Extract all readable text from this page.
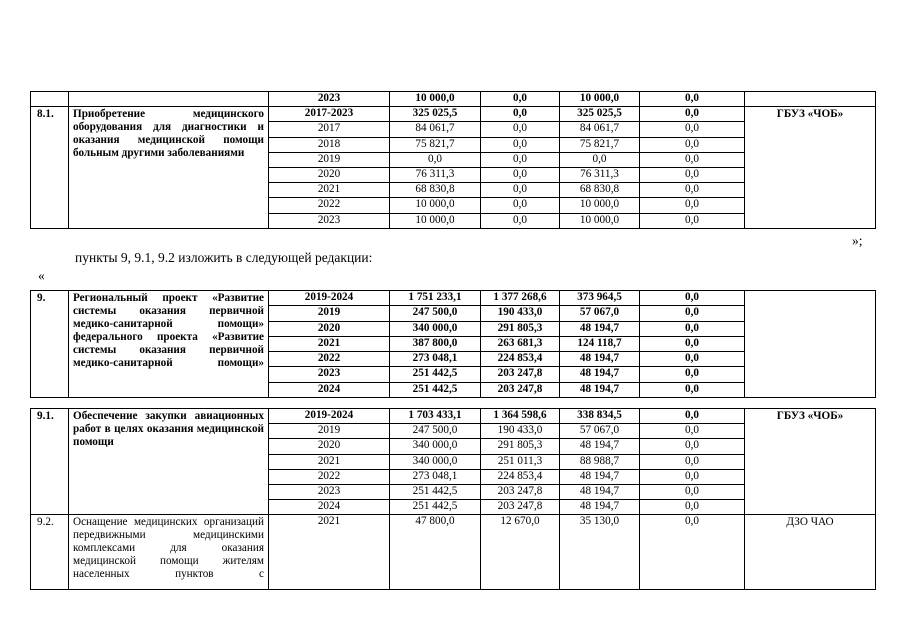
		2023	10 000,0	0,0	10 000,0	0,0	
8.1.	Приобретение медицинского оборудования для диагностики и оказания медицинской помощи больным другими заболеваниями	2017-2023	325 025,5	0,0	325 025,5	0,0	ГБУЗ «ЧОБ»
		2017	84 061,7	0,0	84 061,7	0,0	
		2018	75 821,7	0,0	75 821,7	0,0	
		2019	0,0	0,0	0,0	0,0	
		2020	76 311,3	0,0	76 311,3	0,0	
		2021	68 830,8	0,0	68 830,8	0,0	
		2022	10 000,0	0,0	10 000,0	0,0	
		2023	10 000,0	0,0	10 000,0	0,0	
»;
пункты 9, 9.1, 9.2 изложить в следующей редакции:
«
9.	Региональный проект «Развитие системы оказания первичной медико-санитарной помощи» федерального проекта «Развитие системы оказания первичной медико-санитарной помощи»	2019-2024	1 751 233,1	1 377 268,6	373 964,5	0,0	
		2019	247 500,0	190 433,0	57 067,0	0,0	
		2020	340 000,0	291 805,3	48 194,7	0,0	
		2021	387 800,0	263 681,3	124 118,7	0,0	
		2022	273 048,1	224 853,4	48 194,7	0,0	
		2023	251 442,5	203 247,8	48 194,7	0,0	
		2024	251 442,5	203 247,8	48 194,7	0,0	
9.1.	Обеспечение закупки авиационных работ в целях оказания медицинской помощи	2019-2024	1 703 433,1	1 364 598,6	338 834,5	0,0	ГБУЗ «ЧОБ»
		2019	247 500,0	190 433,0	57 067,0	0,0	
		2020	340 000,0	291 805,3	48 194,7	0,0	
		2021	340 000,0	251 011,3	88 988,7	0,0	
		2022	273 048,1	224 853,4	48 194,7	0,0	
		2023	251 442,5	203 247,8	48 194,7	0,0	
		2024	251 442,5	203 247,8	48 194,7	0,0	
9.2.	Оснащение медицинских организаций передвижными медицинскими комплексами для оказания медицинской помощи жителям населенных пунктов с	2021	47 800,0	12 670,0	35 130,0	0,0	ДЗО ЧАО
